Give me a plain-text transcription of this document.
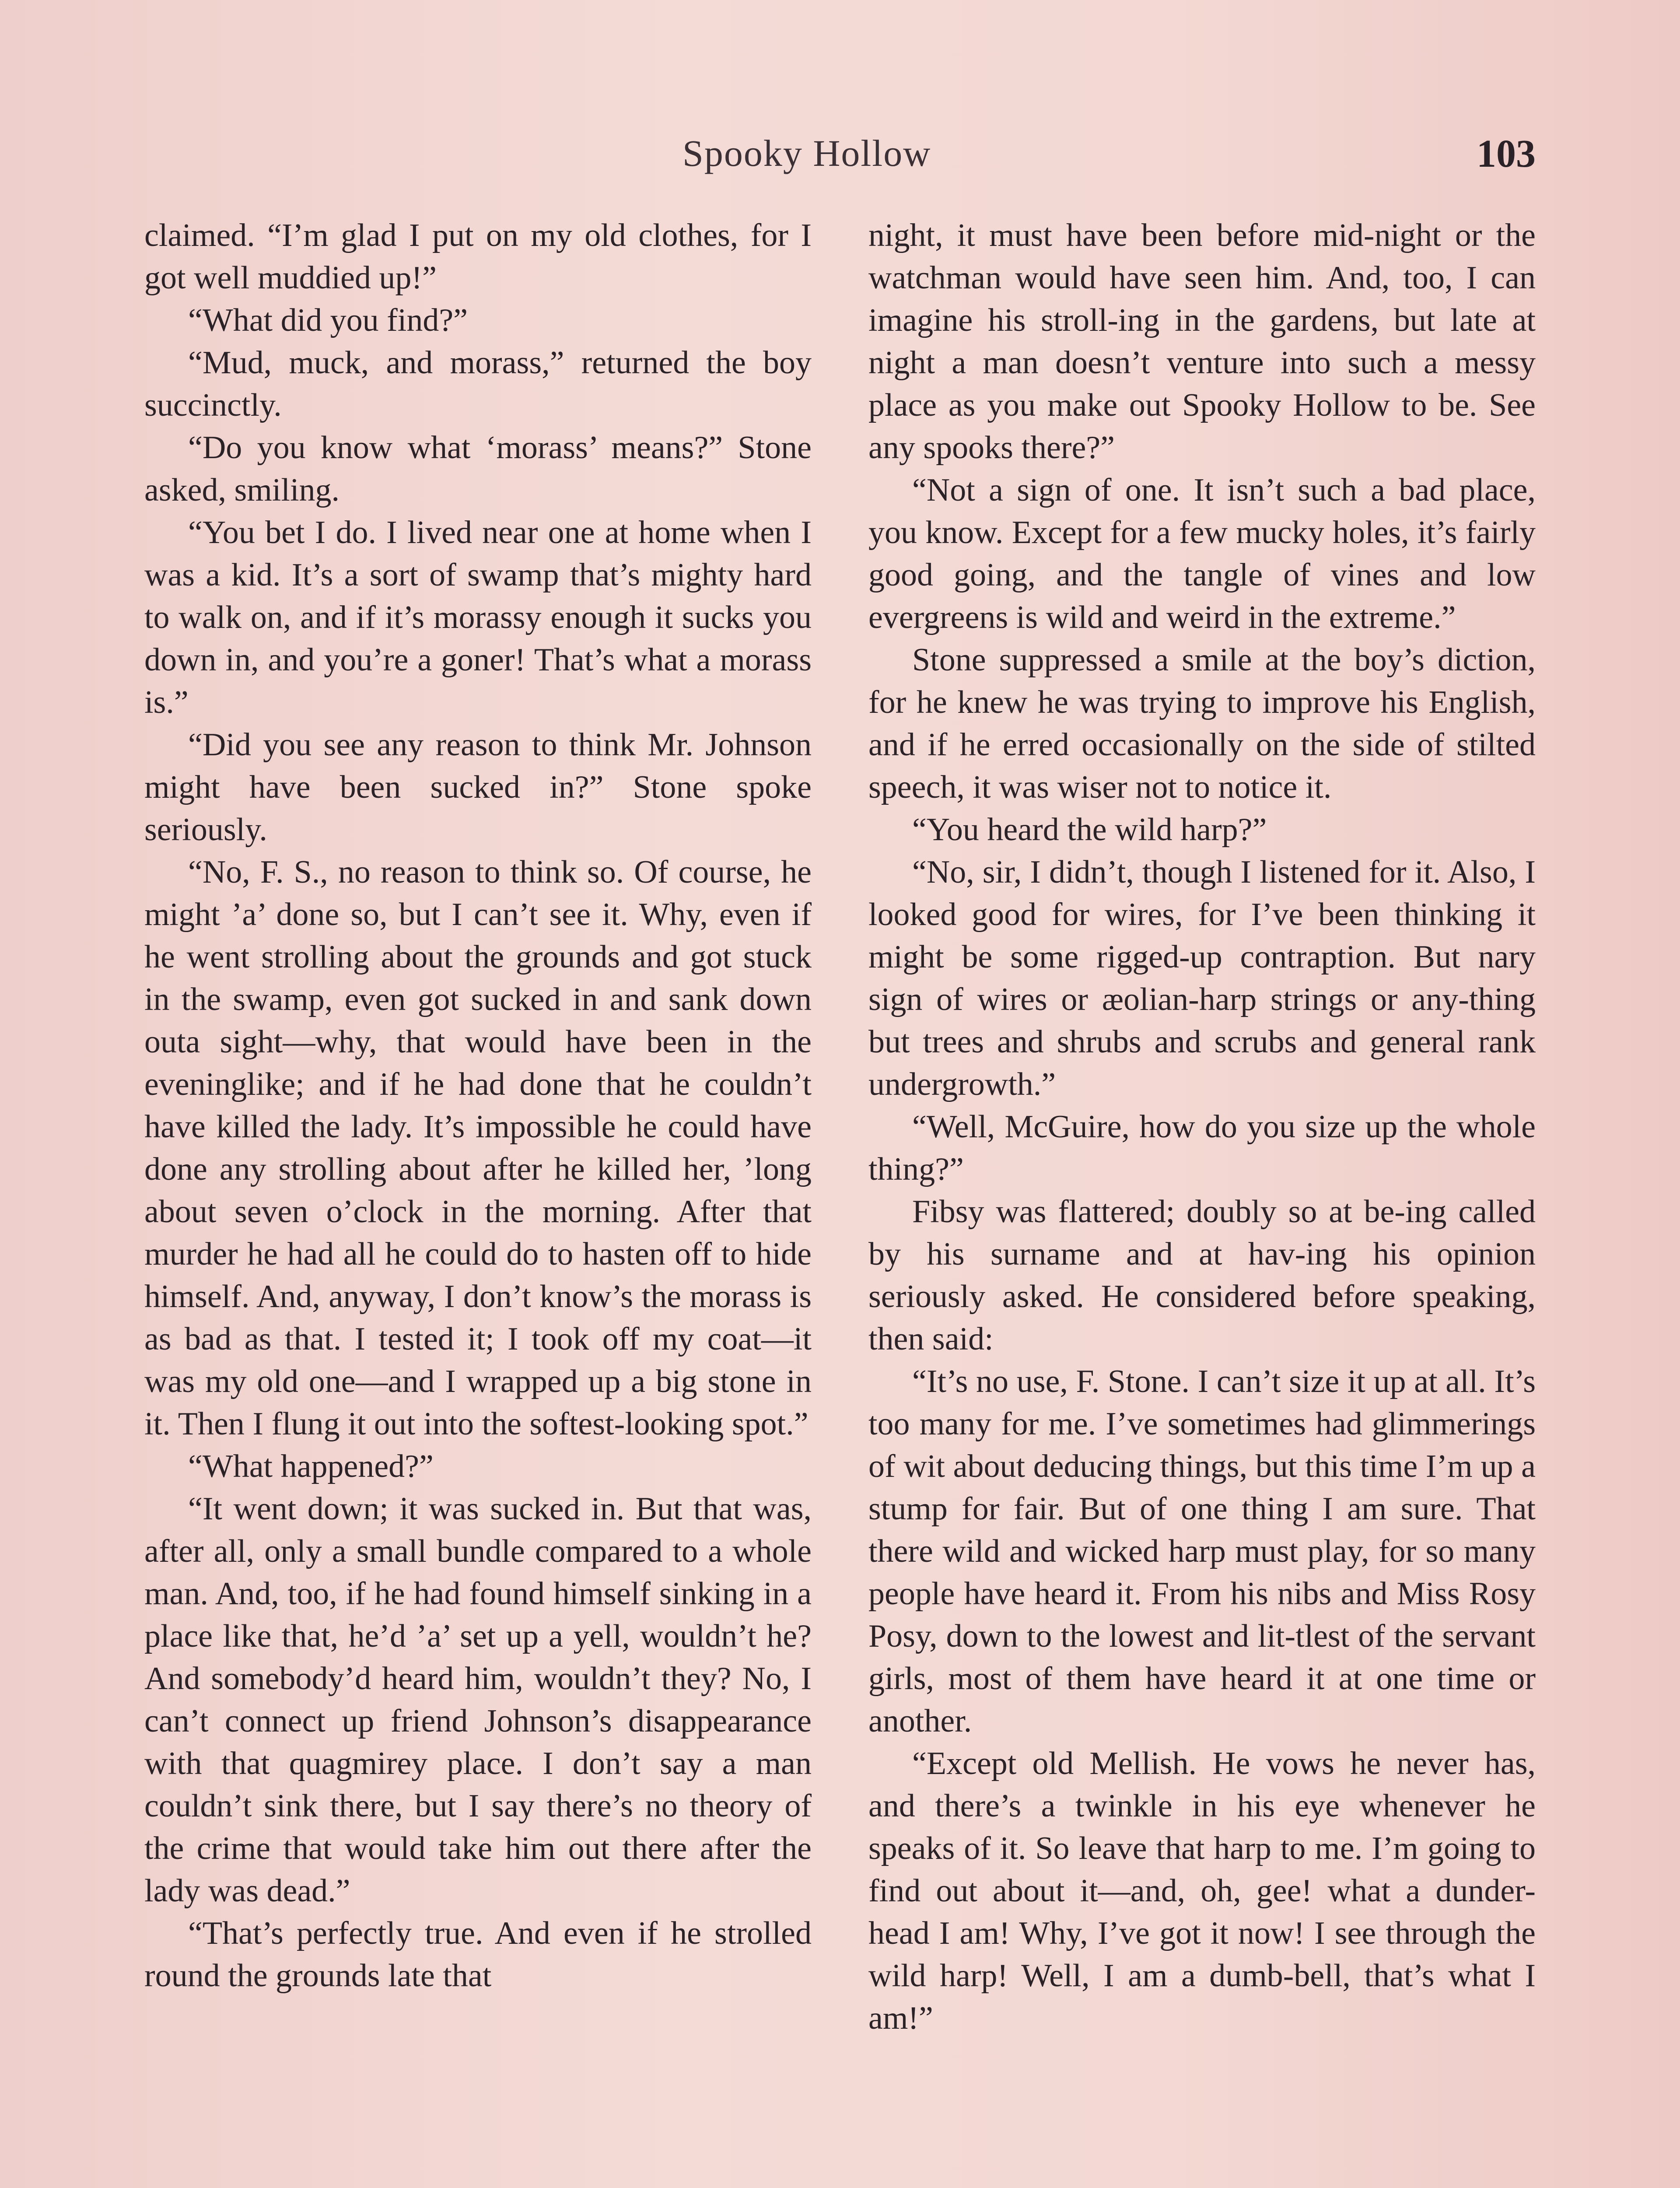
Spooky Hollow	103

claimed. “I’m glad I put on my old clothes, for I got well muddied up!”

“What did you find?”

“Mud, muck, and morass,” returned the boy succinctly.

“Do you know what ‘morass’ means?” Stone asked, smiling.

“You bet I do. I lived near one at home when I was a kid. It’s a sort of swamp that’s mighty hard to walk on, and if it’s morassy enough it sucks you down in, and you’re a goner! That’s what a morass is.”

“Did you see any reason to think Mr. Johnson might have been sucked in?” Stone spoke seriously.

“No, F. S., no reason to think so. Of course, he might ’a’ done so, but I can’t see it. Why, even if he went strolling about the grounds and got stuck in the swamp, even got sucked in and sank down outa sight—why, that would have been in the eveninglike; and if he had done that he couldn’t have killed the lady. It’s impossible he could have done any strolling about after he killed her, ’long about seven o’clock in the morning. After that murder he had all he could do to hasten off to hide himself. And, anyway, I don’t know’s the morass is as bad as that. I tested it; I took off my coat—it was my old one—and I wrapped up a big stone in it. Then I flung it out into the softest-looking spot.”

“What happened?”

“It went down; it was sucked in. But that was, after all, only a small bundle compared to a whole man. And, too, if he had found himself sinking in a place like that, he’d ’a’ set up a yell, wouldn’t he? And somebody’d heard him, wouldn’t they? No, I can’t connect up friend Johnson’s disappearance with that quagmirey place. I don’t say a man couldn’t sink there, but I say there’s no theory of the crime that would take him out there after the lady was dead.”

“That’s perfectly true. And even if he strolled round the grounds late that

night, it must have been before mid-night or the watchman would have seen him. And, too, I can imagine his stroll-ing in the gardens, but late at night a man doesn’t venture into such a messy place as you make out Spooky Hollow to be. See any spooks there?”

“Not a sign of one. It isn’t such a bad place, you know. Except for a few mucky holes, it’s fairly good going, and the tangle of vines and low evergreens is wild and weird in the extreme.”

Stone suppressed a smile at the boy’s diction, for he knew he was trying to improve his English, and if he erred occasionally on the side of stilted speech, it was wiser not to notice it.

“You heard the wild harp?”

“No, sir, I didn’t, though I listened for it. Also, I looked good for wires, for I’ve been thinking it might be some rigged-up contraption. But nary sign of wires or æolian-harp strings or any-thing but trees and shrubs and scrubs and general rank undergrowth.”

“Well, McGuire, how do you size up the whole thing?”

Fibsy was flattered; doubly so at be-ing called by his surname and at hav-ing his opinion seriously asked. He considered before speaking, then said:

“It’s no use, F. Stone. I can’t size it up at all. It’s too many for me. I’ve sometimes had glimmerings of wit about deducing things, but this time I’m up a stump for fair. But of one thing I am sure. That there wild and wicked harp must play, for so many people have heard it. From his nibs and Miss Rosy Posy, down to the lowest and lit-tlest of the servant girls, most of them have heard it at one time or another.

“Except old Mellish. He vows he never has, and there’s a twinkle in his eye whenever he speaks of it. So leave that harp to me. I’m going to find out about it—and, oh, gee! what a dunder-head I am! Why, I’ve got it now! I see through the wild harp! Well, I am a dumb-bell, that’s what I am!”
